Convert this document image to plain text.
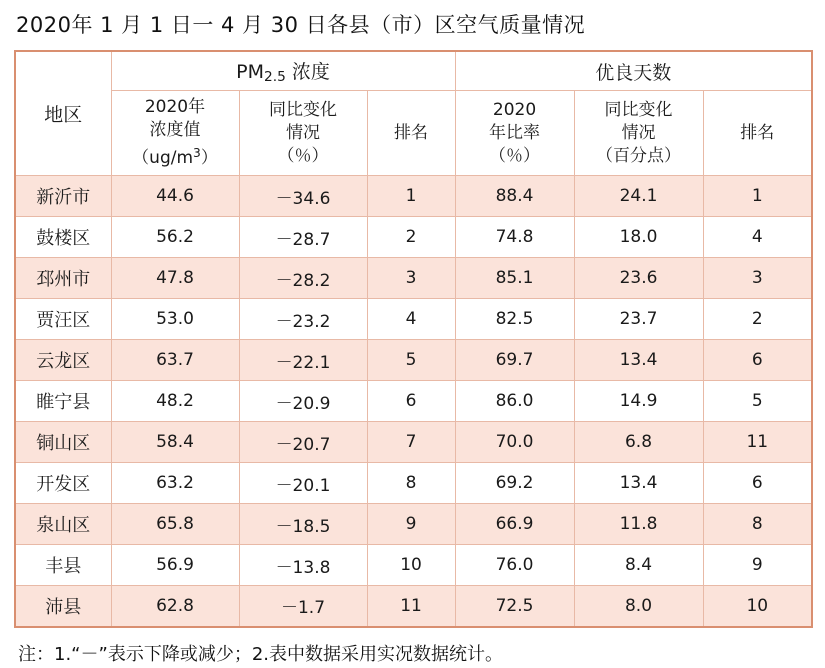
2020年 1 月 1 日一 4 月 30 日各县（市）区空气质量情况
地区	$PM_{2.5}$ 浓度			优良天数		

	2020年
浓度值
$(ug/m^3)$	同比变化
情况
（％）	排名	2020
年比率
（％）	同比变化
情况
（百分点）	排名
新沂市	44.6	－34.6	1	88.4	24.1	1
鼓楼区	56.2	－28.7	2	74.8	18.0	4
邳州市	47.8	－28.2	3	85.1	23.6	3
贾汪区	53.0	－23.2	4	82.5	23.7	2
云龙区	63.7	－22.1	5	69.7	13.4	6
睢宁县	48.2	－20.9	6	86.0	14.9	5
铜山区	58.4	－20.7	7	70.0	6.8	11
开发区	63.2	－20.1	8	69.2	13.4	6
泉山区	65.8	－18.5	9	66.9	11.8	8
丰县	56.9	－13.8	10	76.0	8.4	9
沛县	62.8	－1.7	11	72.5	8.0	10
注：1.“－”表示下降或减少；2.表中数据采用实况数据统计。
